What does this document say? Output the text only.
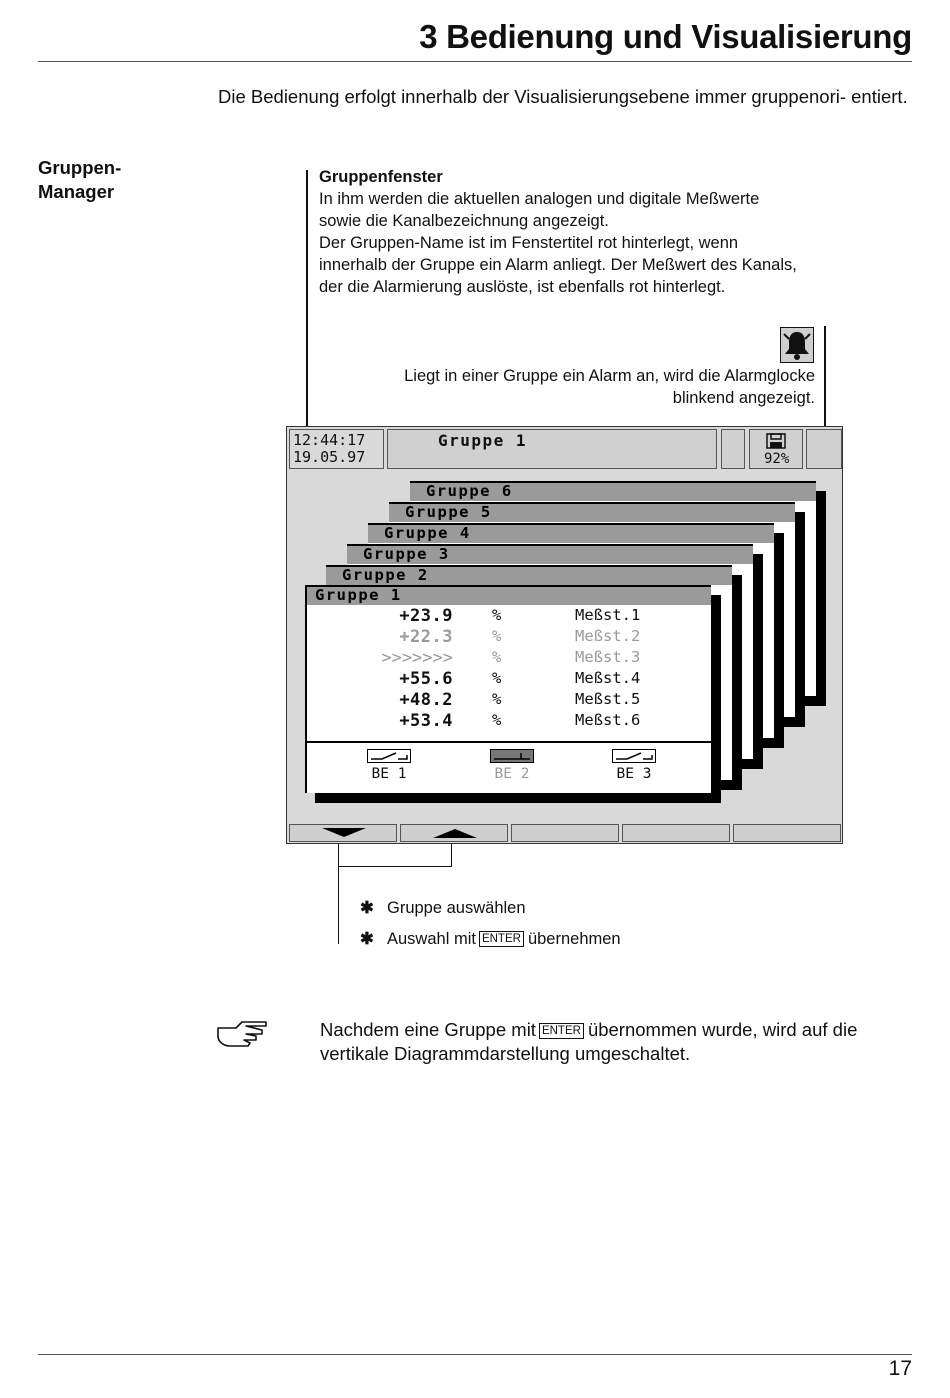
3 Bedienung und Visualisierung
Die Bedienung erfolgt innerhalb der Visualisierungsebene immer gruppenori- entiert.
Gruppen-
Manager
Gruppenfenster
In ihm werden die aktuellen analogen und digitale Meßwerte
sowie die Kanalbezeichnung angezeigt.
Der Gruppen-Name ist im Fenstertitel rot hinterlegt, wenn
innerhalb der Gruppe ein Alarm anliegt. Der Meßwert des Kanals,
der die Alarmierung auslöste, ist ebenfalls rot hinterlegt.
Liegt in einer Gruppe ein Alarm an, wird die Alarmglocke
blinkend angezeigt.
12:44:17
19.05.97
Gruppe 1
92%
Gruppe 6
Gruppe 5
Gruppe 4
Gruppe 3
Gruppe 2
Gruppe 1
+23.9	%	Meßst.1
+22.3	%	Meßst.2
>>>>>>>	%	Meßst.3
+55.6	%	Meßst.4
+48.2	%	Meßst.5
+53.4	%	Meßst.6
BE 1	BE 2	BE 3
✱ Gruppe auswählen
✱ Auswahl mit ENTER übernehmen
Nachdem eine Gruppe mit ENTER übernommen wurde, wird auf die vertikale Diagrammdarstellung umgeschaltet.
17
